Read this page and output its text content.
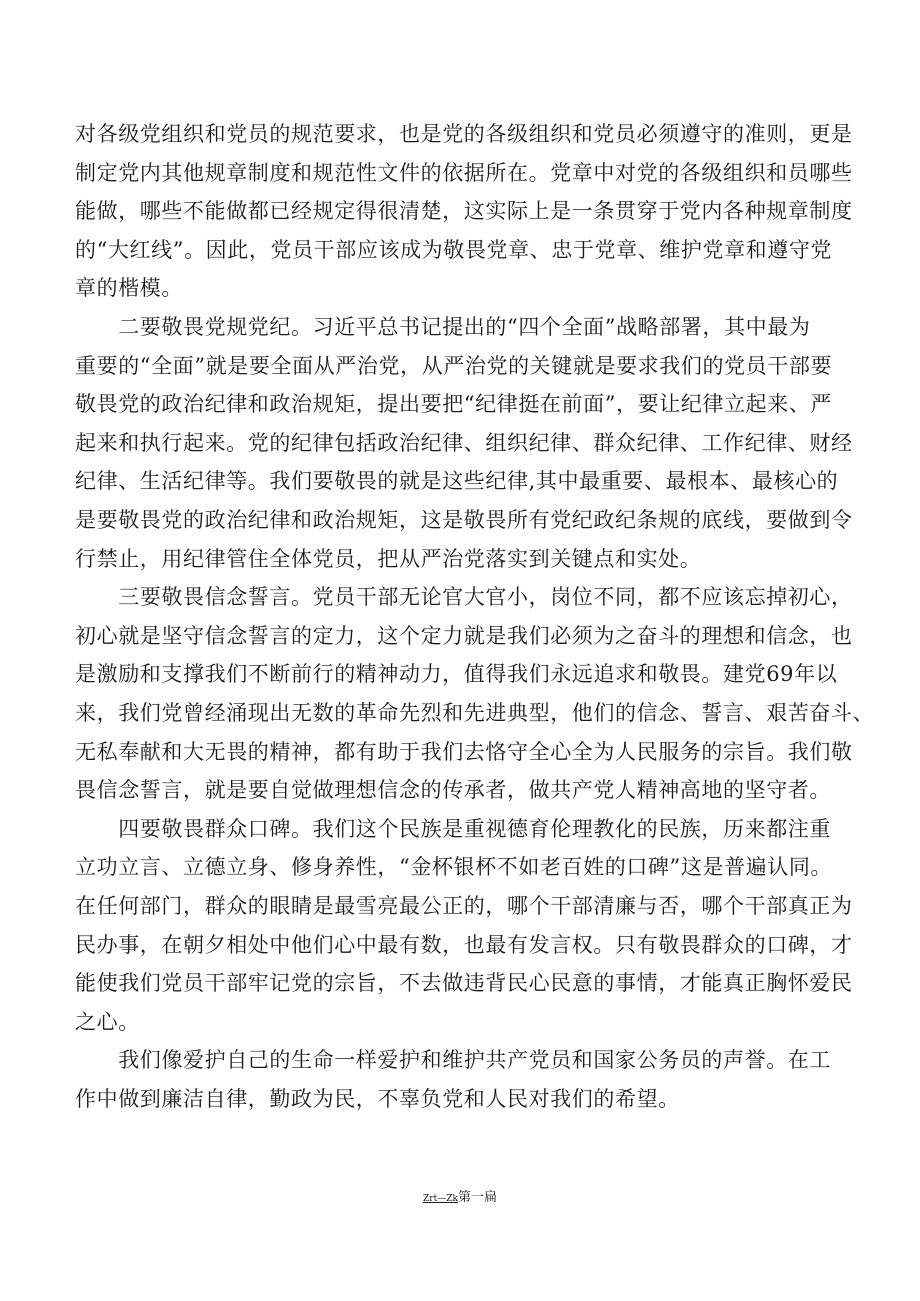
对各级党组织和党员的规范要求，也是党的各级组织和党员必须遵守的准则，更是
制定党内其他规章制度和规范性文件的依据所在。党章中对党的各级组织和员哪些
能做，哪些不能做都已经规定得很清楚，这实际上是一条贯穿于党内各种规章制度
的“大红线”。因此，党员干部应该成为敬畏党章、忠于党章、维护党章和遵守党
章的楷模。
　　二要敬畏党规党纪。习近平总书记提出的“四个全面”战略部署，其中最为
重要的“全面”就是要全面从严治党，从严治党的关键就是要求我们的党员干部要
敬畏党的政治纪律和政治规矩，提出要把“纪律挺在前面”，要让纪律立起来、严
起来和执行起来。党的纪律包括政治纪律、组织纪律、群众纪律、工作纪律、财经
纪律、生活纪律等。我们要敬畏的就是这些纪律,其中最重要、最根本、最核心的
是要敬畏党的政治纪律和政治规矩，这是敬畏所有党纪政纪条规的底线，要做到令
行禁止，用纪律管住全体党员，把从严治党落实到关键点和实处。
　　三要敬畏信念誓言。党员干部无论官大官小，岗位不同，都不应该忘掉初心，
初心就是坚守信念誓言的定力，这个定力就是我们必须为之奋斗的理想和信念，也
是激励和支撑我们不断前行的精神动力，值得我们永远追求和敬畏。建党69年以
来，我们党曾经涌现出无数的革命先烈和先进典型，他们的信念、誓言、艰苦奋斗、
无私奉献和大无畏的精神，都有助于我们去恪守全心全为人民服务的宗旨。我们敬
畏信念誓言，就是要自觉做理想信念的传承者，做共产党人精神高地的坚守者。
　　四要敬畏群众口碑。我们这个民族是重视德育伦理教化的民族，历来都注重
立功立言、立德立身、修身养性，“金杯银杯不如老百姓的口碑”这是普遍认同。
在任何部门，群众的眼睛是最雪亮最公正的，哪个干部清廉与否，哪个干部真正为
民办事，在朝夕相处中他们心中最有数，也最有发言权。只有敬畏群众的口碑，才
能使我们党员干部牢记党的宗旨，不去做违背民心民意的事情，才能真正胸怀爱民
之心。
　　我们像爱护自己的生命一样爱护和维护共产党员和国家公务员的声誉。在工
作中做到廉洁自律，勤政为民，不辜负党和人民对我们的希望。
Zrt—Zk第一扁
